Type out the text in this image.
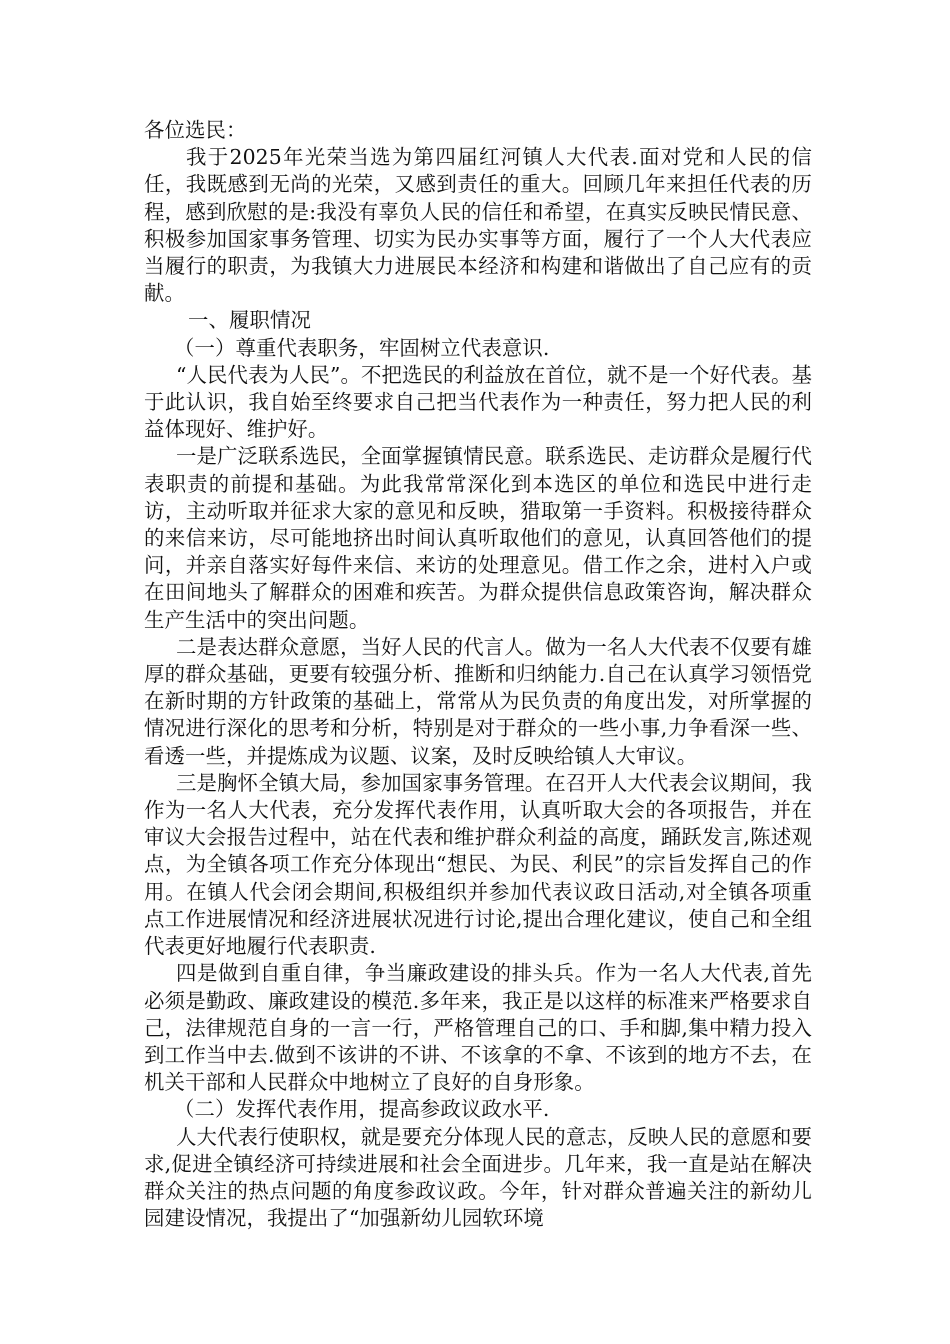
各位选民：

我于2025年光荣当选为第四届红河镇人大代表.面对党和人民的信任，我既感到无尚的光荣，又感到责任的重大。回顾几年来担任代表的历程，感到欣慰的是:我没有辜负人民的信任和希望，在真实反映民情民意、积极参加国家事务管理、切实为民办实事等方面，履行了一个人大代表应当履行的职责，为我镇大力进展民本经济和构建和谐做出了自己应有的贡献。

一、履职情况

（一）尊重代表职务，牢固树立代表意识.

“人民代表为人民”。不把选民的利益放在首位，就不是一个好代表。基于此认识，我自始至终要求自己把当代表作为一种责任，努力把人民的利益体现好、维护好。

一是广泛联系选民，全面掌握镇情民意。联系选民、走访群众是履行代表职责的前提和基础。为此我常常深化到本选区的单位和选民中进行走访，主动听取并征求大家的意见和反映，猎取第一手资料。积极接待群众的来信来访，尽可能地挤出时间认真听取他们的意见，认真回答他们的提问，并亲自落实好每件来信、来访的处理意见。借工作之余，进村入户或在田间地头了解群众的困难和疾苦。为群众提供信息政策咨询，解决群众生产生活中的突出问题。

二是表达群众意愿，当好人民的代言人。做为一名人大代表不仅要有雄厚的群众基础，更要有较强分析、推断和归纳能力.自己在认真学习领悟党在新时期的方针政策的基础上，常常从为民负责的角度出发，对所掌握的情况进行深化的思考和分析，特别是对于群众的一些小事,力争看深一些、看透一些，并提炼成为议题、议案，及时反映给镇人大审议。

三是胸怀全镇大局，参加国家事务管理。在召开人大代表会议期间，我作为一名人大代表，充分发挥代表作用，认真听取大会的各项报告，并在审议大会报告过程中，站在代表和维护群众利益的高度，踊跃发言,陈述观点，为全镇各项工作充分体现出“想民、为民、利民”的宗旨发挥自己的作用。在镇人代会闭会期间,积极组织并参加代表议政日活动,对全镇各项重点工作进展情况和经济进展状况进行讨论,提出合理化建议，使自己和全组代表更好地履行代表职责.

四是做到自重自律，争当廉政建设的排头兵。作为一名人大代表,首先必须是勤政、廉政建设的模范.多年来，我正是以这样的标准来严格要求自己，法律规范自身的一言一行，严格管理自己的口、手和脚,集中精力投入到工作当中去.做到不该讲的不讲、不该拿的不拿、不该到的地方不去，在机关干部和人民群众中地树立了良好的自身形象。

（二）发挥代表作用，提高参政议政水平.

人大代表行使职权，就是要充分体现人民的意志，反映人民的意愿和要求,促进全镇经济可持续进展和社会全面进步。几年来，我一直是站在解决群众关注的热点问题的角度参政议政。今年，针对群众普遍关注的新幼儿园建设情况，我提出了“加强新幼儿园软环境
